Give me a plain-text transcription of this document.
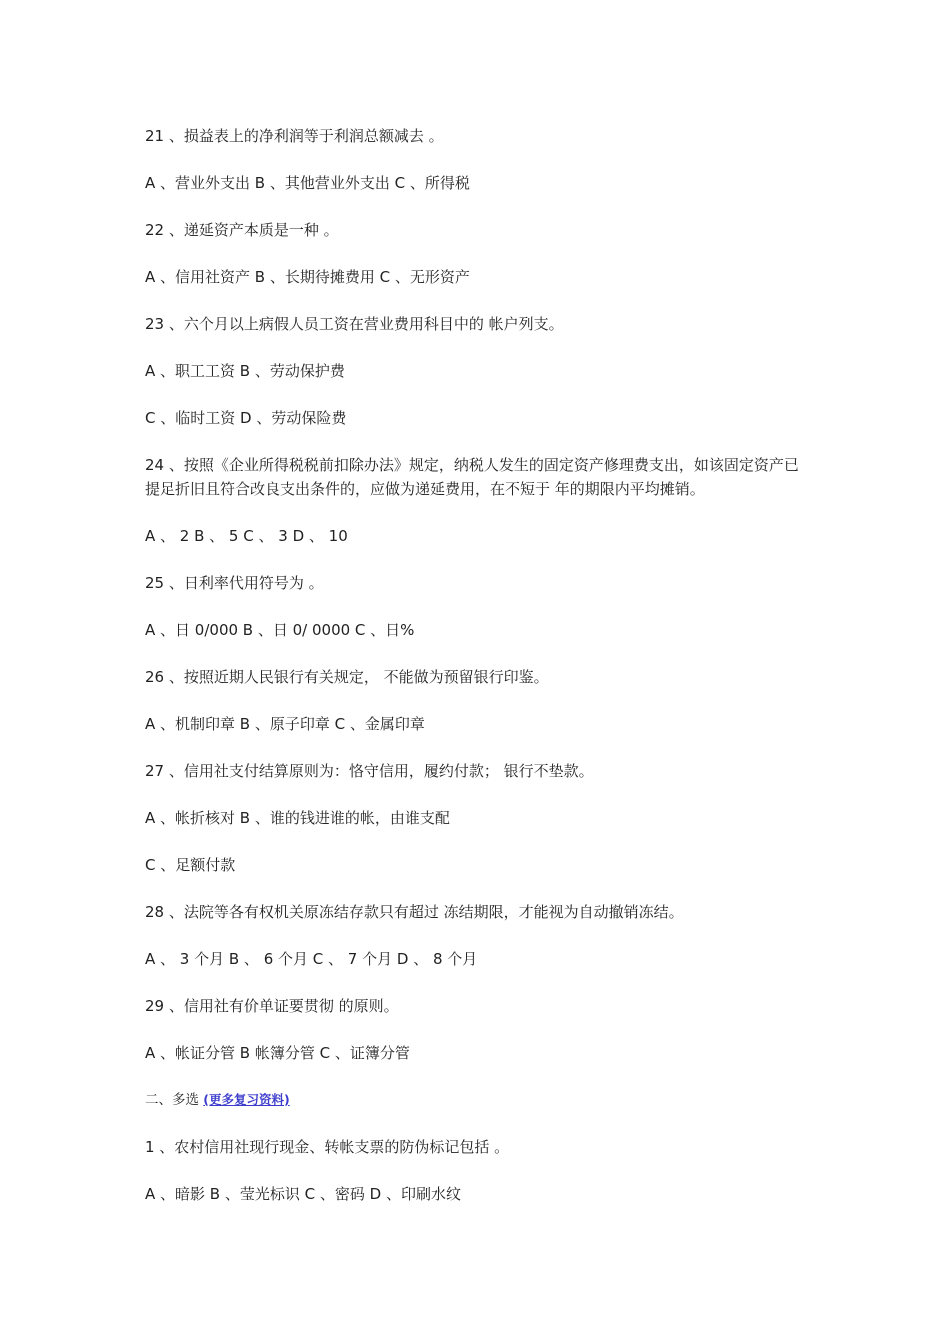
21 、损益表上的净利润等于利润总额减去 。
A 、营业外支出 B 、其他营业外支出 C 、所得税
22 、递延资产本质是一种 。
A 、信用社资产 B 、长期待摊费用 C 、无形资产
23 、六个月以上病假人员工资在营业费用科目中的 帐户列支。
A 、职工工资 B 、劳动保护费
C 、临时工资 D 、劳动保险费
24 、按照《企业所得税税前扣除办法》规定，纳税人发生的固定资产修理费支出，如该固定资产已提足折旧且符合改良支出条件的，应做为递延费用，在不短于 年的期限内平均摊销。
A 、 2 B 、 5 C 、 3 D 、 10
25 、日利率代用符号为 。
A 、日 0/000 B 、日 0/ 0000 C 、日%
26 、按照近期人民银行有关规定， 不能做为预留银行印鉴。
A 、机制印章 B 、原子印章 C 、金属印章
27 、信用社支付结算原则为：恪守信用，履约付款； 银行不垫款。
A 、帐折核对 B 、谁的钱进谁的帐，由谁支配
C 、足额付款
28 、法院等各有权机关原冻结存款只有超过 冻结期限，才能视为自动撤销冻结。
A 、 3 个月 B 、 6 个月 C 、 7 个月 D 、 8 个月
29 、信用社有价单证要贯彻 的原则。
A 、帐证分管 B 帐簿分管 C 、证簿分管
二、多选 (更多复习资料)
1 、农村信用社现行现金、转帐支票的防伪标记包括 。
A 、暗影 B 、莹光标识 C 、密码 D 、印刷水纹
